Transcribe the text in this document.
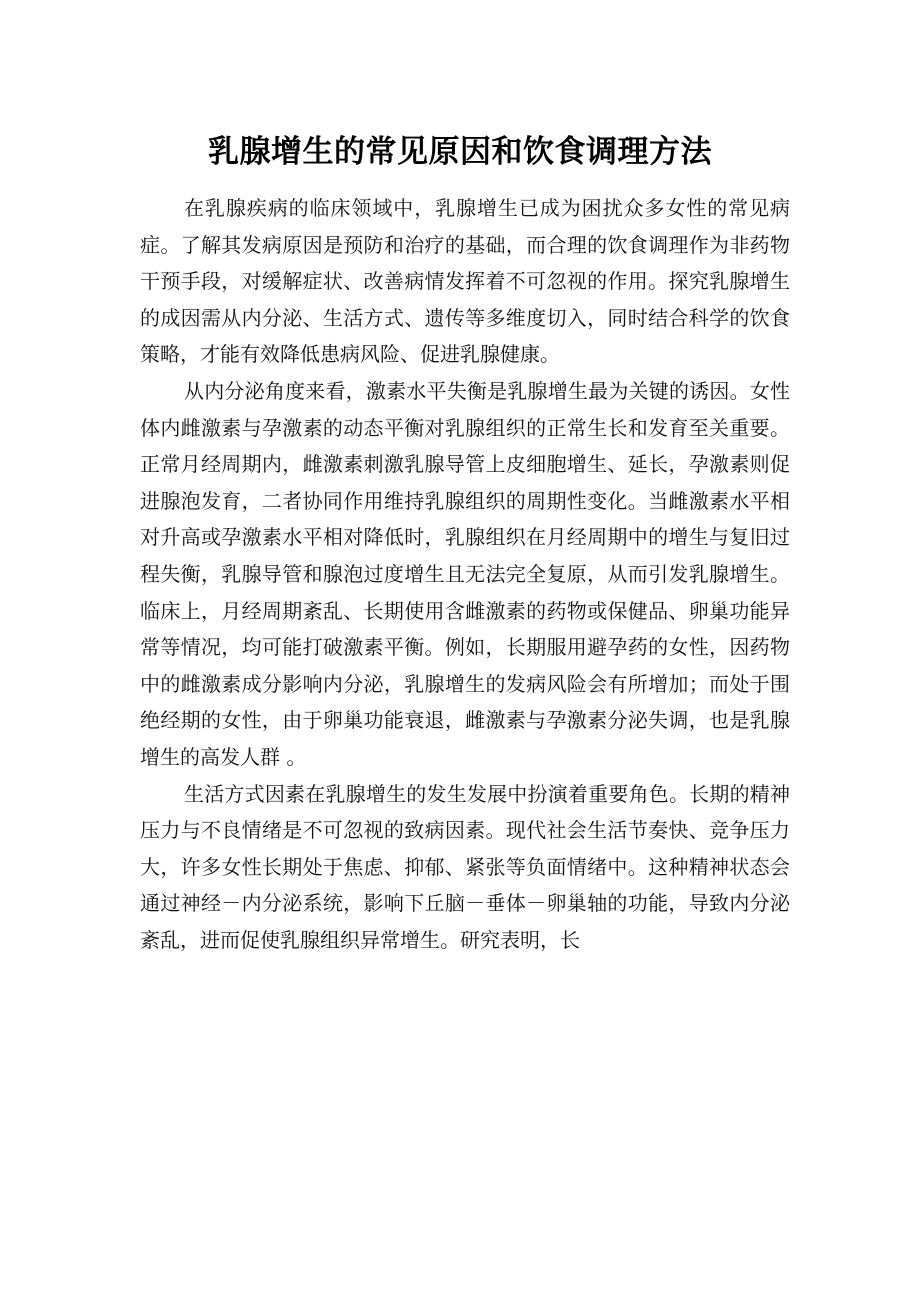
乳腺增生的常见原因和饮食调理方法

在乳腺疾病的临床领域中，乳腺增生已成为困扰众多女性的常见病症。了解其发病原因是预防和治疗的基础，而合理的饮食调理作为非药物干预手段，对缓解症状、改善病情发挥着不可忽视的作用。探究乳腺增生的成因需从内分泌、生活方式、遗传等多维度切入，同时结合科学的饮食策略，才能有效降低患病风险、促进乳腺健康。

从内分泌角度来看，激素水平失衡是乳腺增生最为关键的诱因。女性体内雌激素与孕激素的动态平衡对乳腺组织的正常生长和发育至关重要。正常月经周期内，雌激素刺激乳腺导管上皮细胞增生、延长，孕激素则促进腺泡发育，二者协同作用维持乳腺组织的周期性变化。当雌激素水平相对升高或孕激素水平相对降低时，乳腺组织在月经周期中的增生与复旧过程失衡，乳腺导管和腺泡过度增生且无法完全复原，从而引发乳腺增生。临床上，月经周期紊乱、长期使用含雌激素的药物或保健品、卵巢功能异常等情况，均可能打破激素平衡。例如，长期服用避孕药的女性，因药物中的雌激素成分影响内分泌，乳腺增生的发病风险会有所增加；而处于围绝经期的女性，由于卵巢功能衰退，雌激素与孕激素分泌失调，也是乳腺增生的高发人群 。

生活方式因素在乳腺增生的发生发展中扮演着重要角色。长期的精神压力与不良情绪是不可忽视的致病因素。现代社会生活节奏快、竞争压力大，许多女性长期处于焦虑、抑郁、紧张等负面情绪中。这种精神状态会通过神经－内分泌系统，影响下丘脑－垂体－卵巢轴的功能，导致内分泌紊乱，进而促使乳腺组织异常增生。研究表明，长
